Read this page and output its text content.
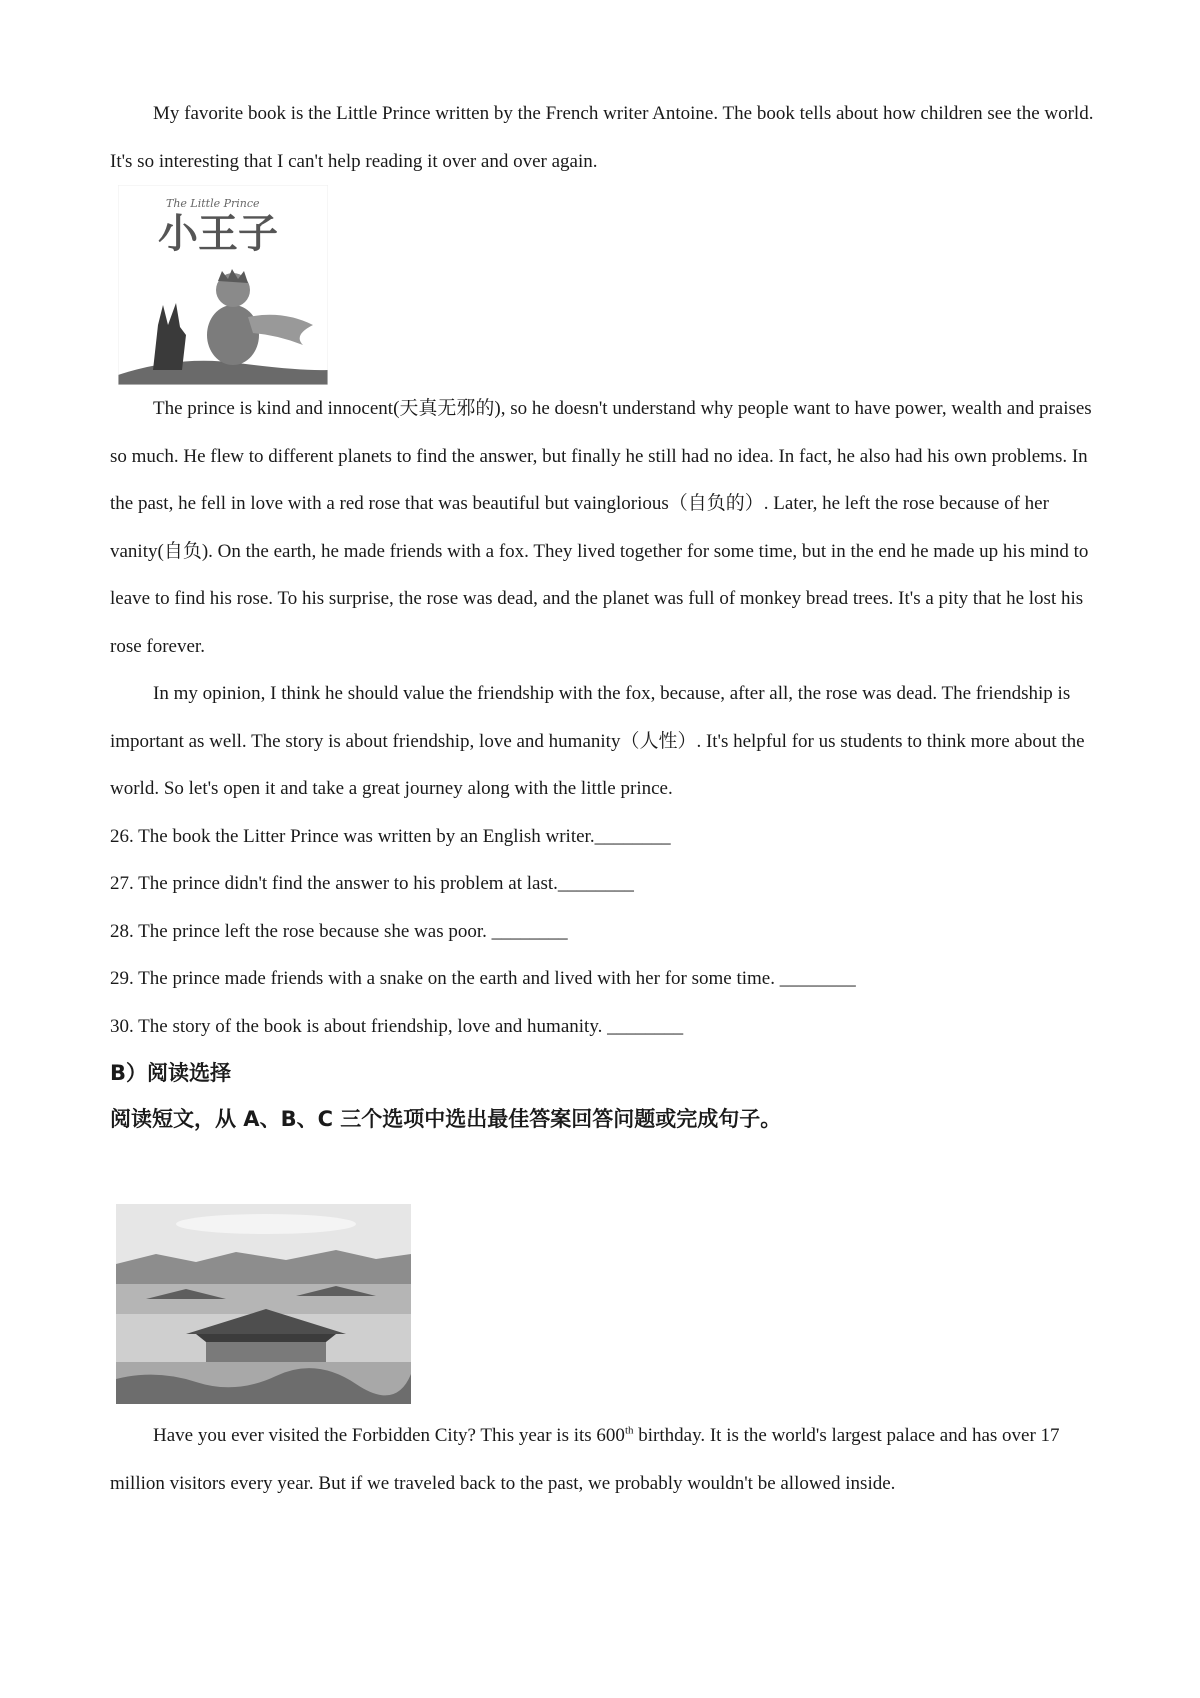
My favorite book is the Little Prince written by the French writer Antoine. The book tells about how children see the world. It's so interesting that I can't help reading it over and over again.

The Little Prince
小王子

The prince is kind and innocent(天真无邪的), so he doesn't understand why people want to have power, wealth and praises so much. He flew to different planets to find the answer, but finally he still had no idea. In fact, he also had his own problems. In the past, he fell in love with a red rose that was beautiful but vainglorious（自负的）. Later, he left the rose because of her vanity(自负). On the earth, he made friends with a fox. They lived together for some time, but in the end he made up his mind to leave to find his rose. To his surprise, the rose was dead, and the planet was full of monkey bread trees. It's a pity that he lost his rose forever.

In my opinion, I think he should value the friendship with the fox, because, after all, the rose was dead. The friendship is important as well. The story is about friendship, love and humanity（人性）. It's helpful for us students to think more about the world. So let's open it and take a great journey along with the little prince.

26. The book the Litter Prince was written by an English writer.________

27. The prince didn't find the answer to his problem at last.________

28. The prince left the rose because she was poor. ________

29. The prince made friends with a snake on the earth and lived with her for some time. ________

30. The story of the book is about friendship, love and humanity. ________

B）阅读选择

阅读短文，从 A、B、C 三个选项中选出最佳答案回答问题或完成句子。

Have you ever visited the Forbidden City? This year is its 600th birthday. It is the world's largest palace and has over 17 million visitors every year. But if we traveled back to the past, we probably wouldn't be allowed inside.
